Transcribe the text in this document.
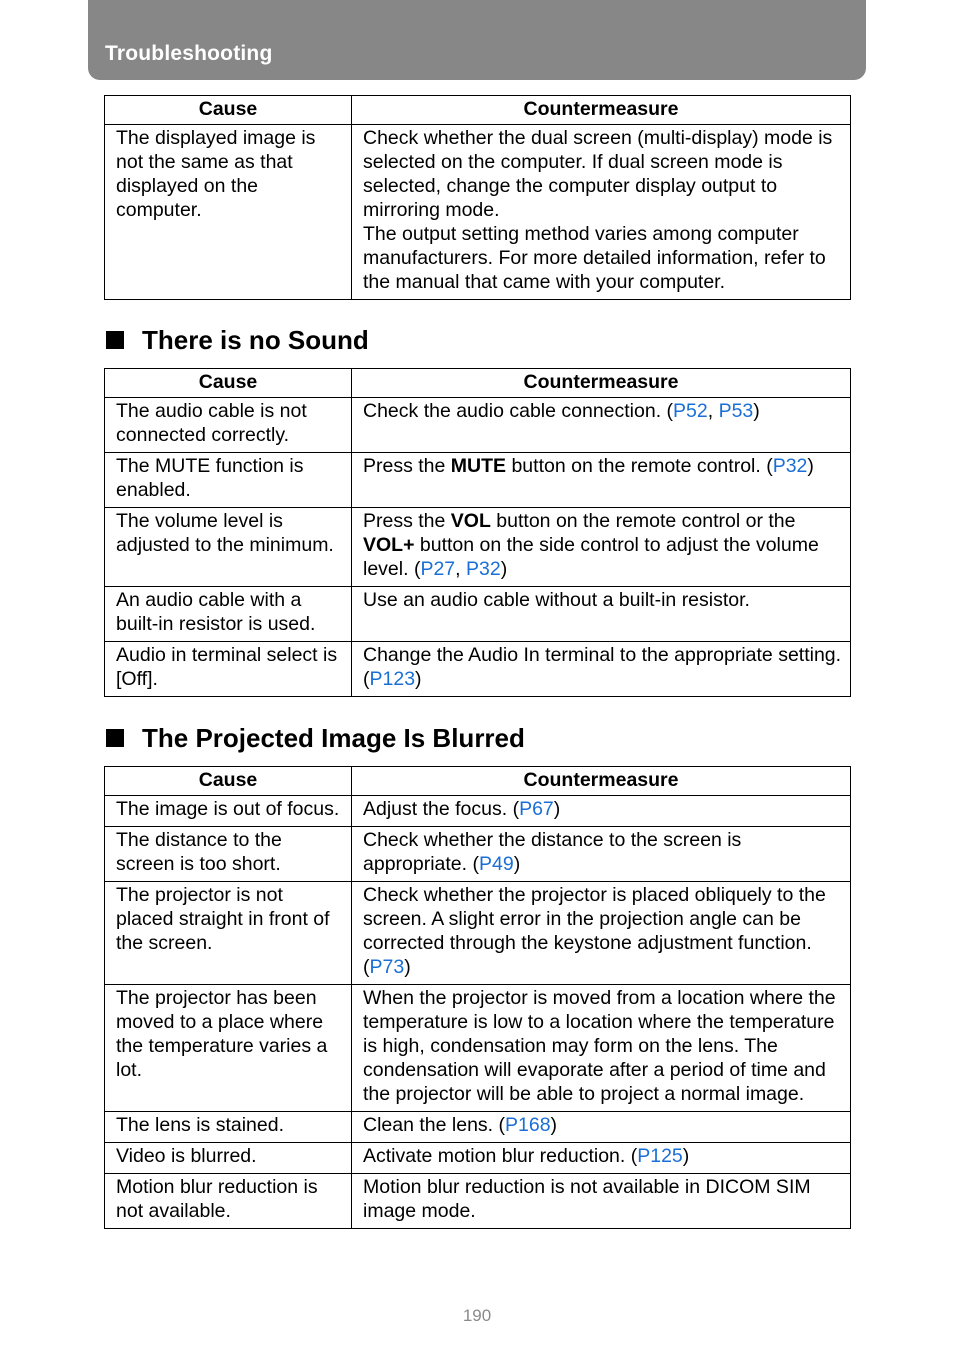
Troubleshooting
Cause	Countermeasure
The displayed image is not the same as that displayed on the computer.	Check whether the dual screen (multi-display) mode is selected on the computer. If dual screen mode is selected, change the computer display output to mirroring mode.
The output setting method varies among computer manufacturers. For more detailed information, refer to the manual that came with your computer.
There is no Sound
Cause	Countermeasure
The audio cable is not connected correctly.	Check the audio cable connection. (P52, P53)
The MUTE function is enabled.	Press the MUTE button on the remote control. (P32)
The volume level is adjusted to the minimum.	Press the VOL button on the remote control or the VOL+ button on the side control to adjust the volume level. (P27, P32)
An audio cable with a built-in resistor is used.	Use an audio cable without a built-in resistor.
Audio in terminal select is [Off].	Change the Audio In terminal to the appropriate setting. (P123)
The Projected Image Is Blurred
Cause	Countermeasure
The image is out of focus.	Adjust the focus. (P67)
The distance to the screen is too short.	Check whether the distance to the screen is appropriate. (P49)
The projector is not placed straight in front of the screen.	Check whether the projector is placed obliquely to the screen. A slight error in the projection angle can be corrected through the keystone adjustment function. (P73)
The projector has been moved to a place where the temperature varies a lot.	When the projector is moved from a location where the temperature is low to a location where the temperature is high, condensation may form on the lens. The condensation will evaporate after a period of time and the projector will be able to project a normal image.
The lens is stained.	Clean the lens. (P168)
Video is blurred.	Activate motion blur reduction. (P125)
Motion blur reduction is not available.	Motion blur reduction is not available in DICOM SIM image mode.
190
